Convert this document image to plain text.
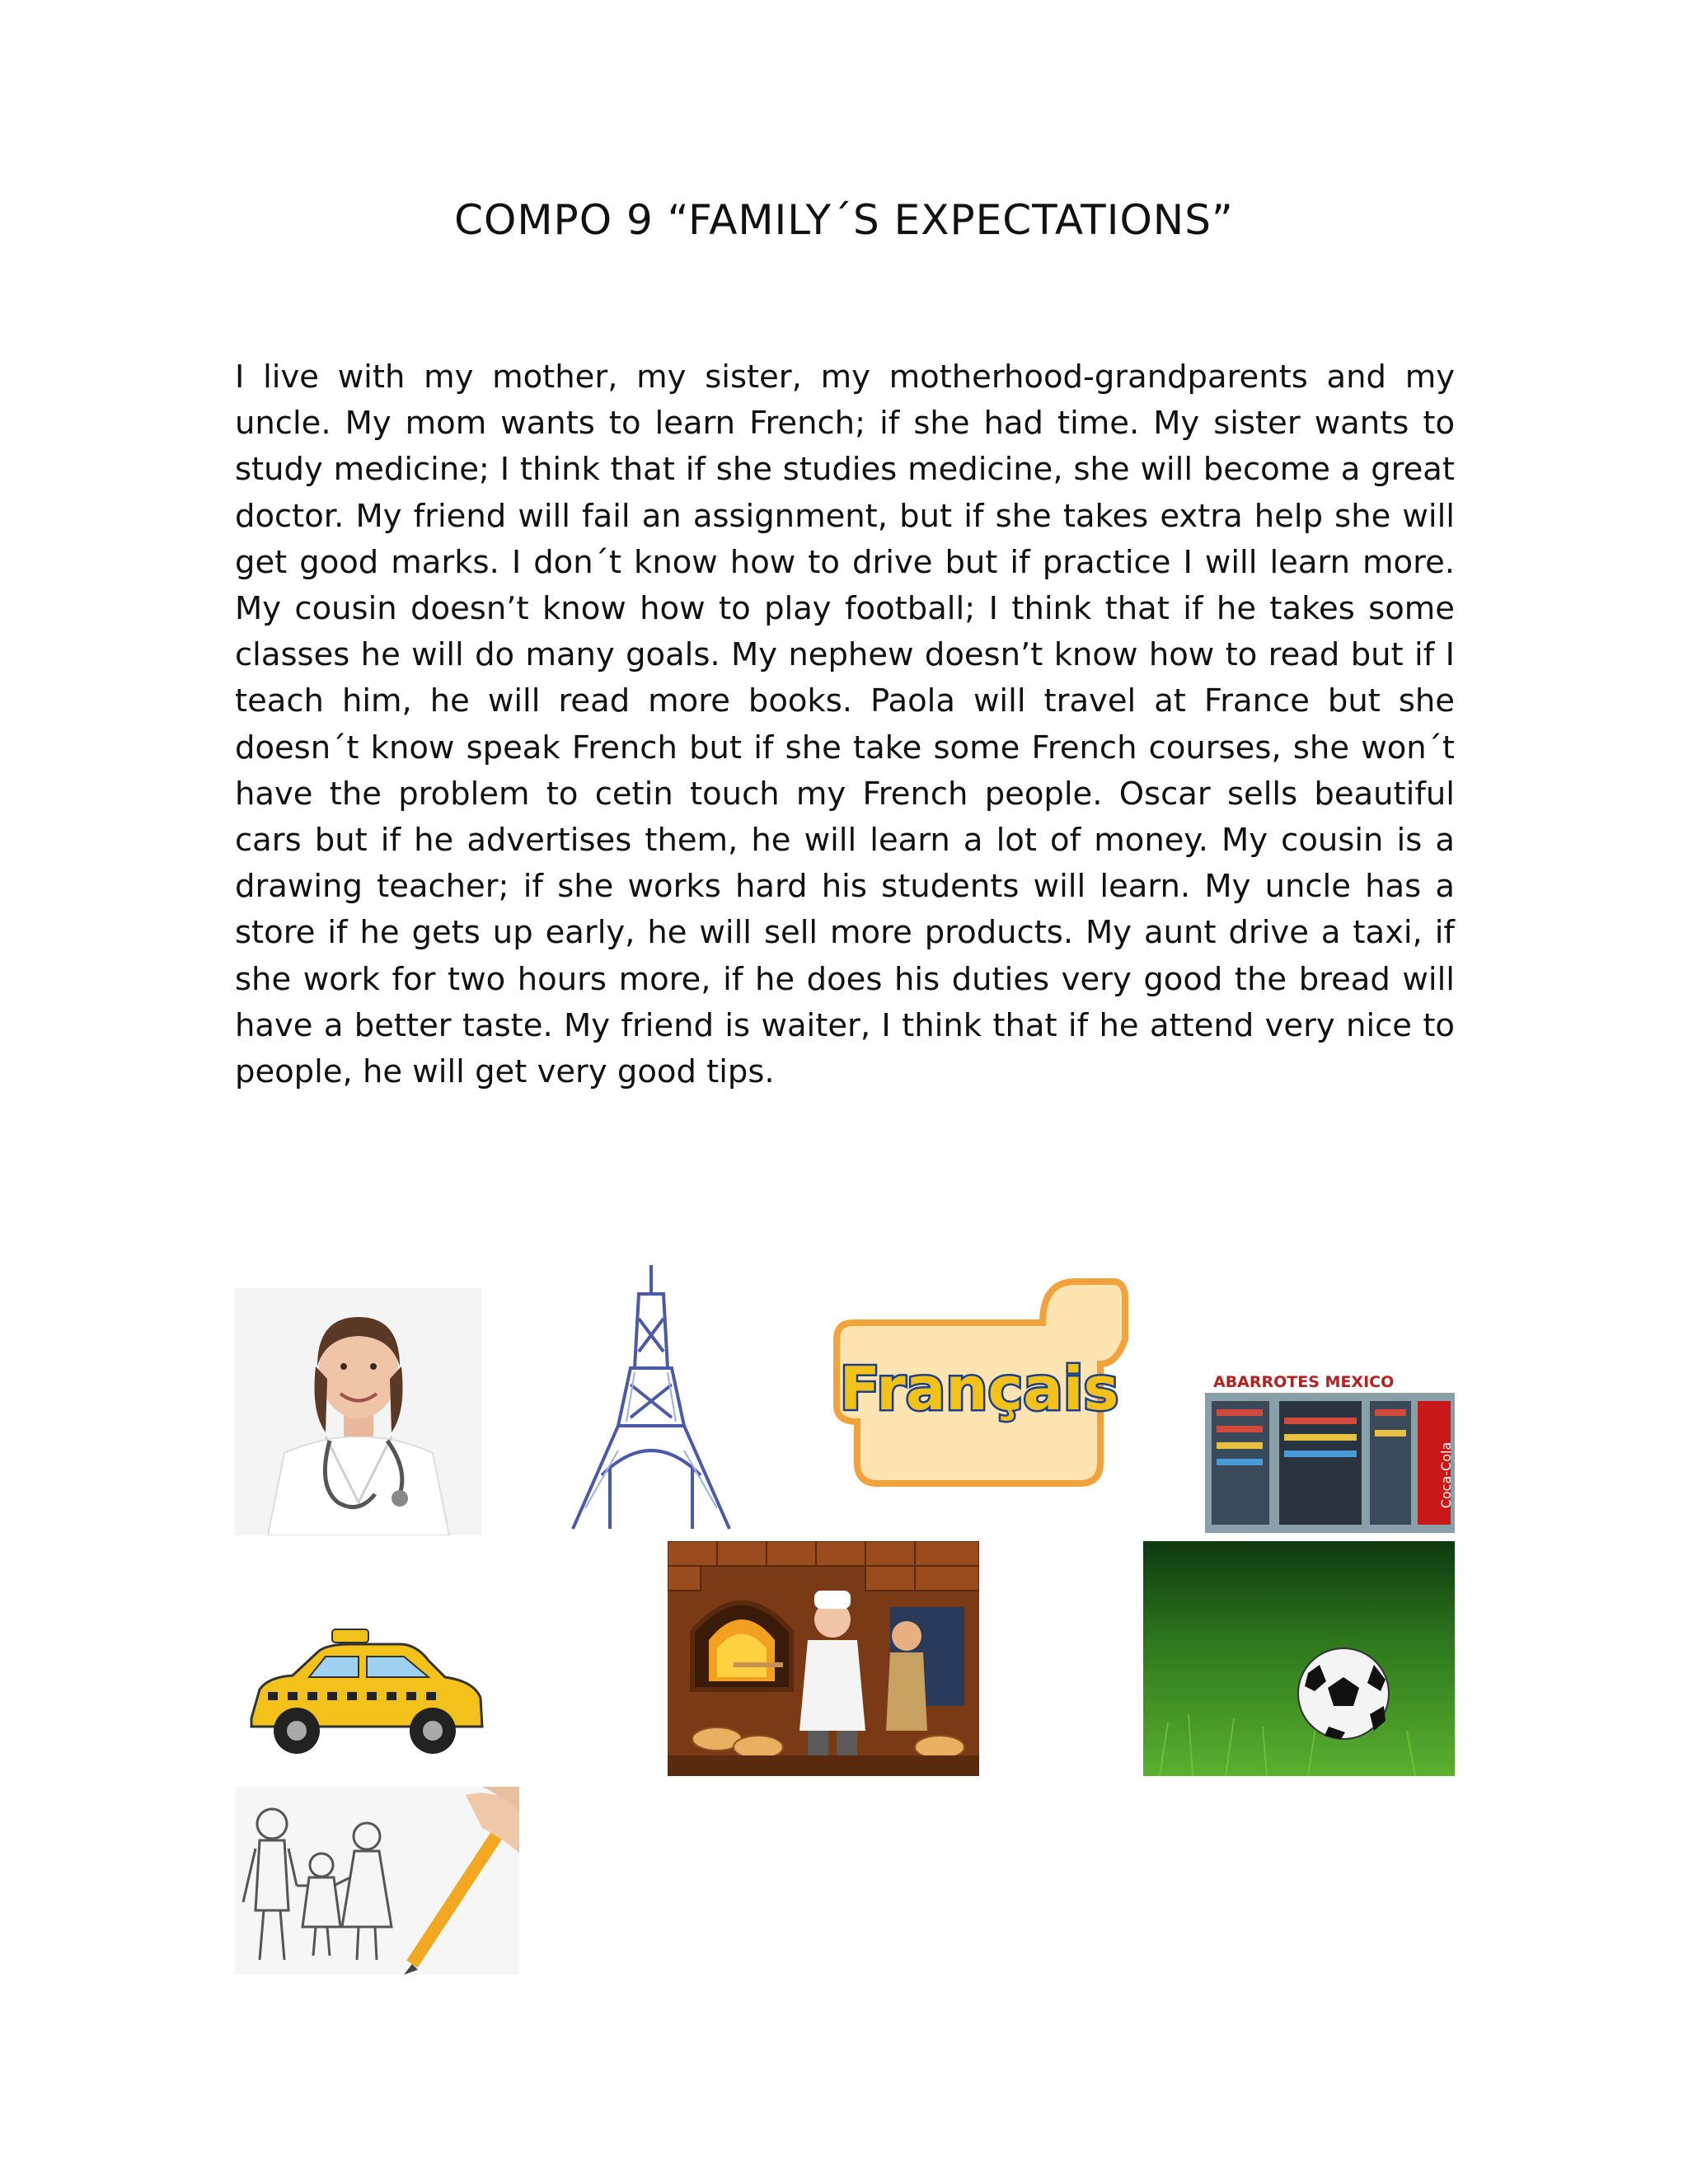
COMPO 9 “FAMILY´S EXPECTATIONS”
I live with my mother, my sister, my motherhood-grandparents and my uncle. My mom wants to learn French; if she had time. My sister wants to study medicine; I think that if she studies medicine, she will become a great doctor. My friend will fail an assignment, but if she takes extra help she will get good marks. I don´t know how to drive but if practice I will learn more. My cousin doesn’t know how to play football; I think that if he takes some classes he will do many goals. My nephew doesn’t know how to read but if I teach him, he will read more books. Paola will travel at France but she doesn´t know speak French but if she take some French courses, she won´t have the problem to cetin touch my French people. Oscar sells beautiful cars but if he advertises them, he will learn a lot of money. My cousin is a drawing teacher; if she works hard his students will learn. My uncle has a store if he gets up early, he will sell more products. My aunt drive a taxi, if she work for two hours more, if he does his duties very good the bread will have a better taste. My friend is waiter, I think that if he attend very nice to people, he will get very good tips.
Français	ABARROTES MEXICO
Coca-Cola
